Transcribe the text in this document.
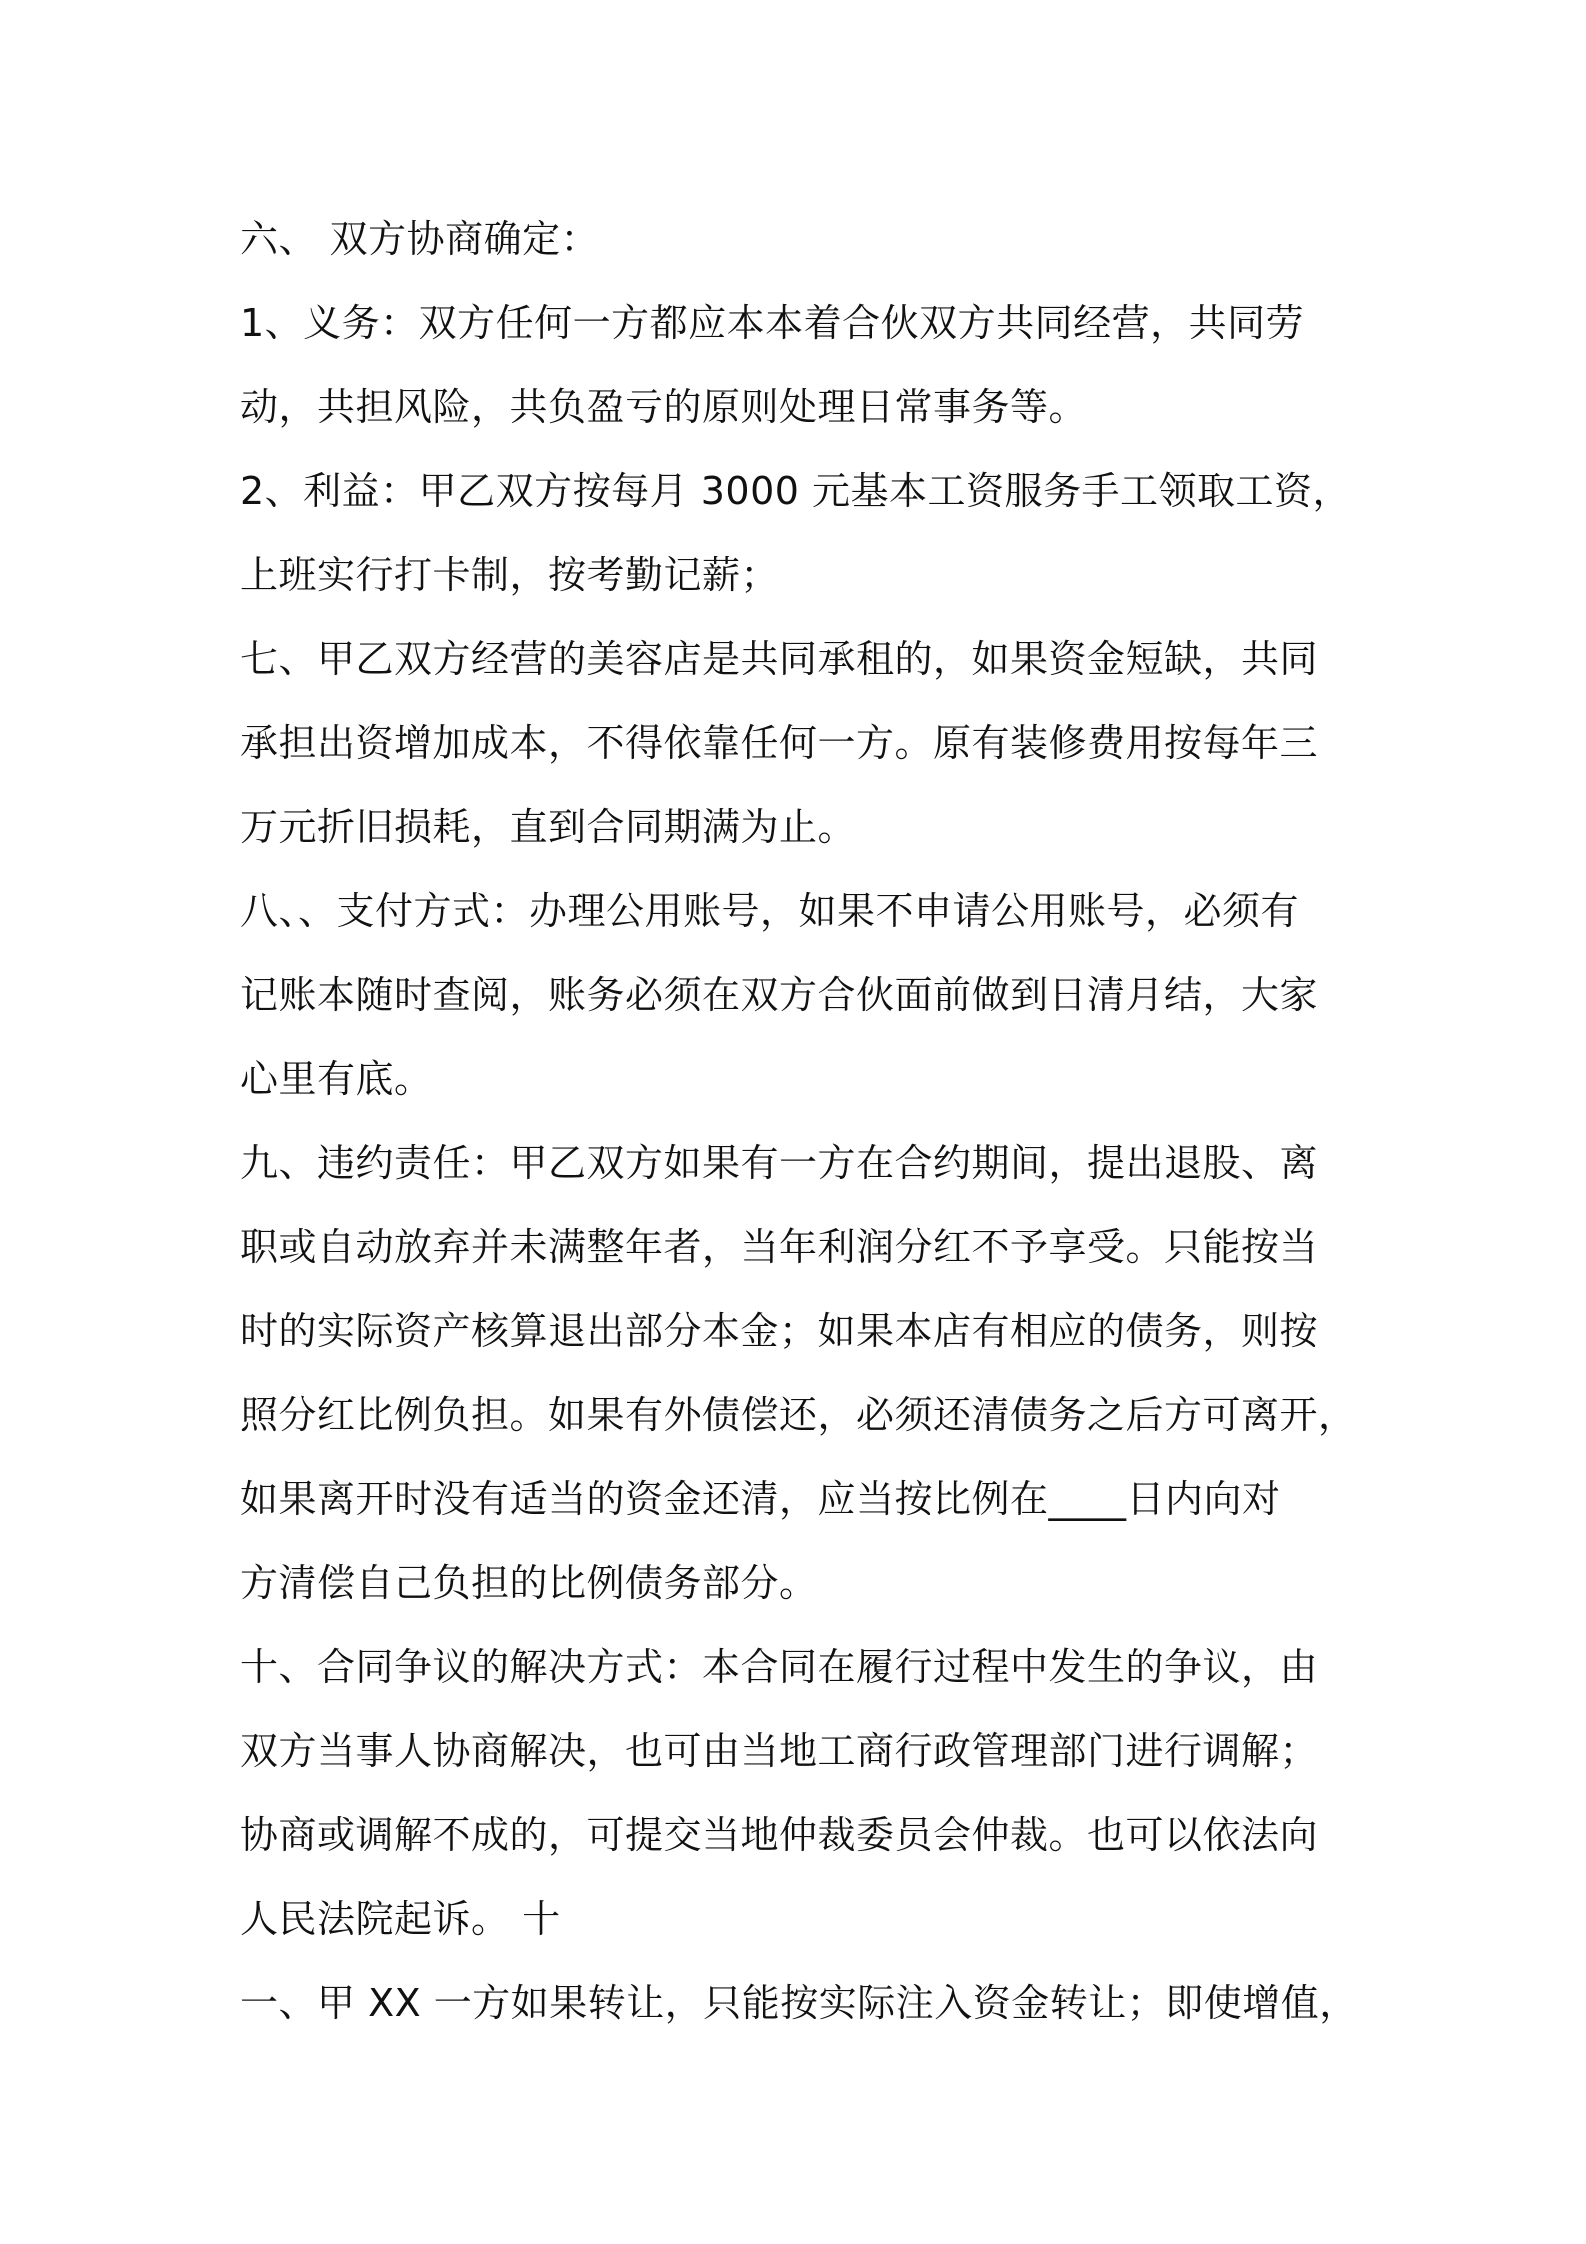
六、 双方协商确定：
1、义务：双方任何一方都应本本着合伙双方共同经营，共同劳
动，共担风险，共负盈亏的原则处理日常事务等。
2、利益：甲乙双方按每月 3000 元基本工资服务手工领取工资，
上班实行打卡制，按考勤记薪；
七、甲乙双方经营的美容店是共同承租的，如果资金短缺，共同
承担出资增加成本，不得依靠任何一方。原有装修费用按每年三
万元折旧损耗，直到合同期满为止。
八、、支付方式：办理公用账号，如果不申请公用账号，必须有
记账本随时查阅，账务必须在双方合伙面前做到日清月结，大家
心里有底。
九、违约责任：甲乙双方如果有一方在合约期间，提出退股、离
职或自动放弃并未满整年者，当年利润分红不予享受。只能按当
时的实际资产核算退出部分本金；如果本店有相应的债务，则按
照分红比例负担。如果有外债偿还，必须还清债务之后方可离开，
如果离开时没有适当的资金还清，应当按比例在____日内向对
方清偿自己负担的比例债务部分。
十、合同争议的解决方式：本合同在履行过程中发生的争议，由
双方当事人协商解决，也可由当地工商行政管理部门进行调解；
协商或调解不成的，可提交当地仲裁委员会仲裁。也可以依法向
人民法院起诉。 十
一、甲 XX 一方如果转让，只能按实际注入资金转让；即使增值，
